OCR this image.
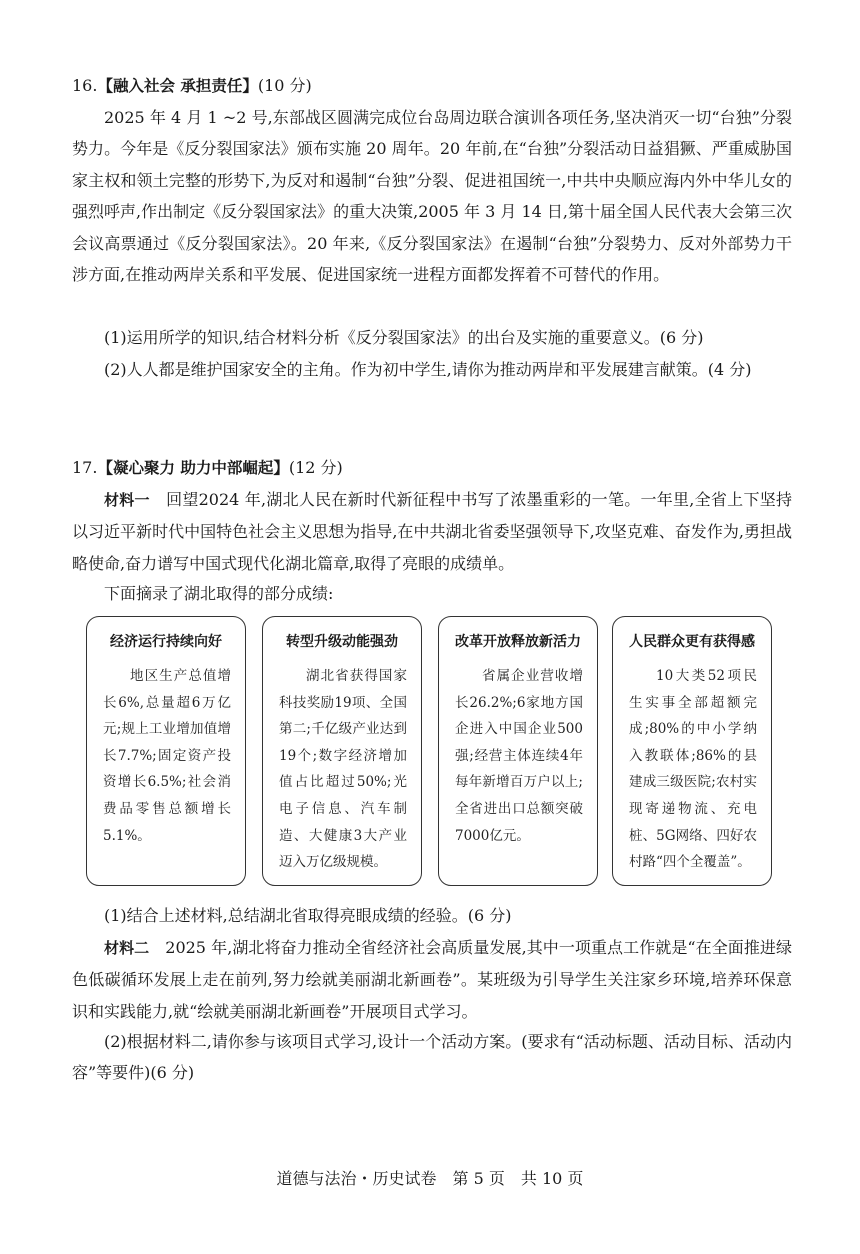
16.【融入社会 承担责任】(10 分)

2025 年 4 月 1 ~2 号,东部战区圆满完成位台岛周边联合演训各项任务,坚决消灭一切“台独”分裂势力。今年是《反分裂国家法》颁布实施 20 周年。20 年前,在“台独”分裂活动日益猖獗、严重威胁国家主权和领土完整的形势下,为反对和遏制“台独”分裂、促进祖国统一,中共中央顺应海内外中华儿女的强烈呼声,作出制定《反分裂国家法》的重大决策,2005 年 3 月 14 日,第十届全国人民代表大会第三次会议高票通过《反分裂国家法》。20 年来,《反分裂国家法》在遏制“台独”分裂势力、反对外部势力干涉方面,在推动两岸关系和平发展、促进国家统一进程方面都发挥着不可替代的作用。

(1)运用所学的知识,结合材料分析《反分裂国家法》的出台及实施的重要意义。(6 分)

(2)人人都是维护国家安全的主角。作为初中学生,请你为推动两岸和平发展建言献策。(4 分)

17.【凝心聚力 助力中部崛起】(12 分)

材料一　回望2024 年,湖北人民在新时代新征程中书写了浓墨重彩的一笔。一年里,全省上下坚持以习近平新时代中国特色社会主义思想为指导,在中共湖北省委坚强领导下,攻坚克难、奋发作为,勇担战略使命,奋力谱写中国式现代化湖北篇章,取得了亮眼的成绩单。

下面摘录了湖北取得的部分成绩:

经济运行持续向好

地区生产总值增长6%,总量超6万亿元;规上工业增加值增长7.7%;固定资产投资增长6.5%;社会消费品零售总额增长5.1%。

转型升级动能强劲

湖北省获得国家科技奖励19项、全国第二;千亿级产业达到19个;数字经济增加值占比超过50%;光电子信息、汽车制造、大健康3大产业迈入万亿级规模。

改革开放释放新活力

省属企业营收增长26.2%;6家地方国企进入中国企业500强;经营主体连续4年每年新增百万户以上;全省进出口总额突破7000亿元。

人民群众更有获得感

10大类52项民生实事全部超额完成;80%的中小学纳入教联体;86%的县建成三级医院;农村实现寄递物流、充电桩、5G网络、四好农村路“四个全覆盖”。

(1)结合上述材料,总结湖北省取得亮眼成绩的经验。(6 分)

材料二　2025 年,湖北将奋力推动全省经济社会高质量发展,其中一项重点工作就是“在全面推进绿色低碳循环发展上走在前列,努力绘就美丽湖北新画卷”。某班级为引导学生关注家乡环境,培养环保意识和实践能力,就“绘就美丽湖北新画卷”开展项目式学习。

(2)根据材料二,请你参与该项目式学习,设计一个活动方案。(要求有“活动标题、活动目标、活动内容”等要件)(6 分)

道德与法治・历史试卷　第 5 页　共 10 页
